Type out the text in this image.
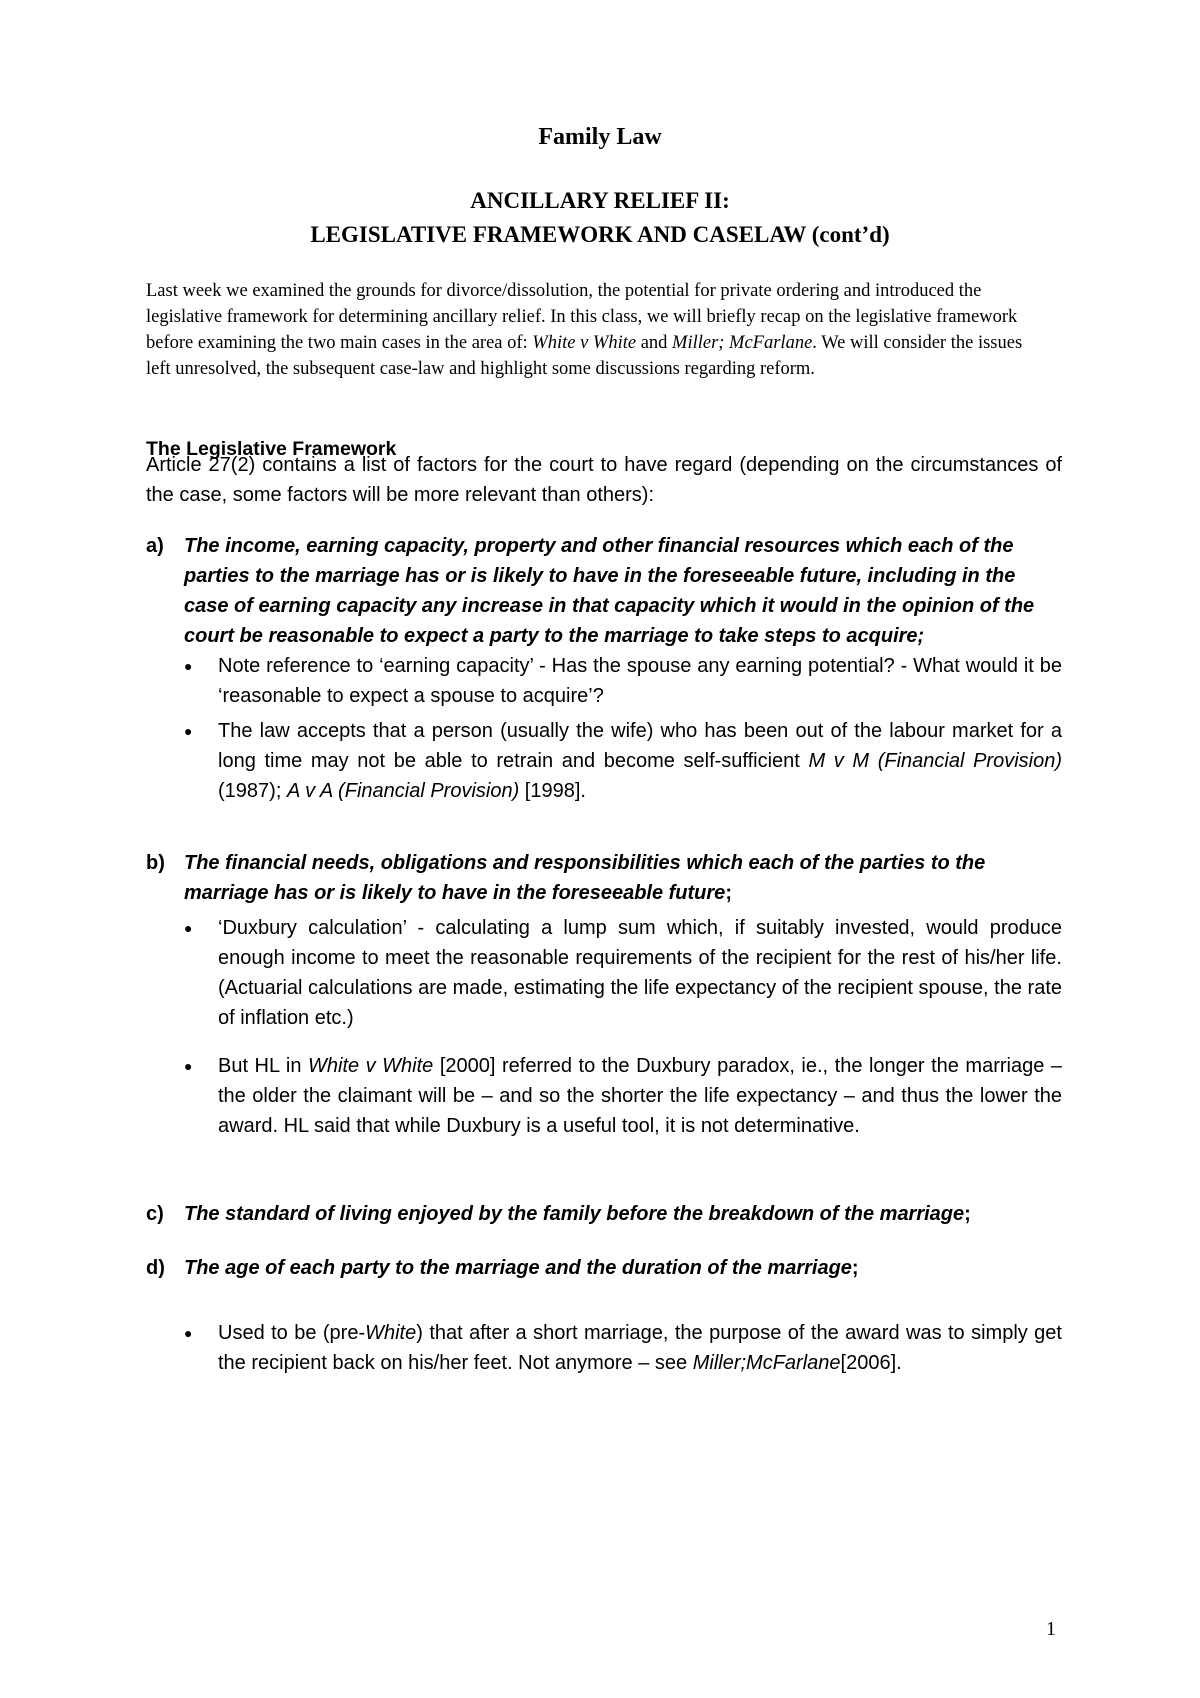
Family Law
ANCILLARY RELIEF II:
LEGISLATIVE FRAMEWORK AND CASELAW (cont’d)
Last week we examined the grounds for divorce/dissolution, the potential for private ordering and introduced the legislative framework for determining ancillary relief. In this class, we will briefly recap on the legislative framework before examining the two main cases in the area of: White v White and Miller; McFarlane. We will consider the issues left unresolved, the subsequent case-law and highlight some discussions regarding reform.
The Legislative Framework
Article 27(2) contains a list of factors for the court to have regard (depending on the circumstances of the case, some factors will be more relevant than others):
a) The income, earning capacity, property and other financial resources which each of the parties to the marriage has or is likely to have in the foreseeable future, including in the case of earning capacity any increase in that capacity which it would in the opinion of the court be reasonable to expect a party to the marriage to take steps to acquire;
● Note reference to ‘earning capacity’ - Has the spouse any earning potential? - What would it be ‘reasonable to expect a spouse to acquire’?
● The law accepts that a person (usually the wife) who has been out of the labour market for a long time may not be able to retrain and become self-sufficient M v M (Financial Provision) (1987); A v A (Financial Provision) [1998].
b) The financial needs, obligations and responsibilities which each of the parties to the marriage has or is likely to have in the foreseeable future;
● ‘Duxbury calculation’ - calculating a lump sum which, if suitably invested, would produce enough income to meet the reasonable requirements of the recipient for the rest of his/her life. (Actuarial calculations are made, estimating the life expectancy of the recipient spouse, the rate of inflation etc.)
● But HL in White v White [2000] referred to the Duxbury paradox, ie., the longer the marriage – the older the claimant will be – and so the shorter the life expectancy – and thus the lower the award. HL said that while Duxbury is a useful tool, it is not determinative.
c) The standard of living enjoyed by the family before the breakdown of the marriage;
d) The age of each party to the marriage and the duration of the marriage;
● Used to be (pre-White) that after a short marriage, the purpose of the award was to simply get the recipient back on his/her feet. Not anymore – see Miller;McFarlane[2006].
1
